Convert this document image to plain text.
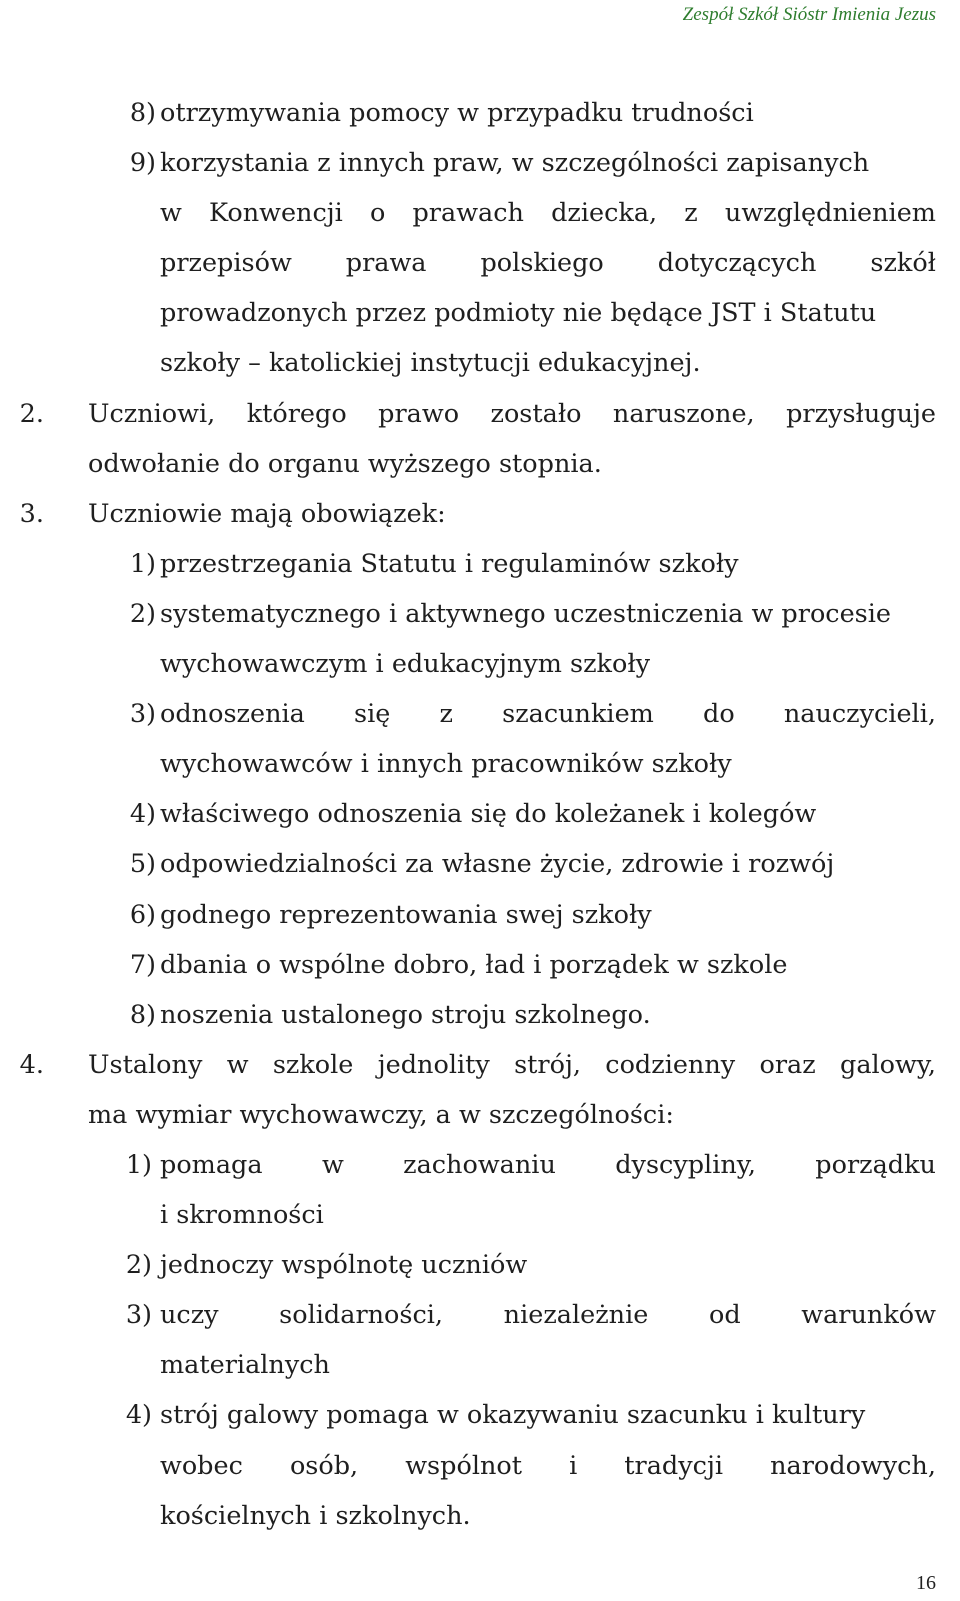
Zespół Szkół Sióstr Imienia Jezus
8) otrzymywania pomocy w przypadku trudności
9) korzystania z innych praw, w szczególności zapisanych
w Konwencji o prawach dziecka, z uwzględnieniem
przepisów prawa polskiego dotyczących szkół
prowadzonych przez podmioty nie będące JST i Statutu
szkoły – katolickiej instytucji edukacyjnej.
2. Uczniowi, którego prawo zostało naruszone, przysługuje
odwołanie do organu wyższego stopnia.
3. Uczniowie mają obowiązek:
1) przestrzegania Statutu i regulaminów szkoły
2) systematycznego i aktywnego uczestniczenia w procesie
wychowawczym i edukacyjnym szkoły
3) odnoszenia się z szacunkiem do nauczycieli,
wychowawców i innych pracowników szkoły
4) właściwego odnoszenia się do koleżanek i kolegów
5) odpowiedzialności za własne życie, zdrowie i rozwój
6) godnego reprezentowania swej szkoły
7) dbania o wspólne dobro, ład i porządek w szkole
8) noszenia ustalonego stroju szkolnego.
4. Ustalony w szkole jednolity strój, codzienny oraz galowy,
ma wymiar wychowawczy, a w szczególności:
1) pomaga w zachowaniu dyscypliny, porządku
i skromności
2) jednoczy wspólnotę uczniów
3) uczy solidarności, niezależnie od warunków
materialnych
4) strój galowy pomaga w okazywaniu szacunku i kultury
wobec osób, wspólnot i tradycji narodowych,
kościelnych i szkolnych.
16
